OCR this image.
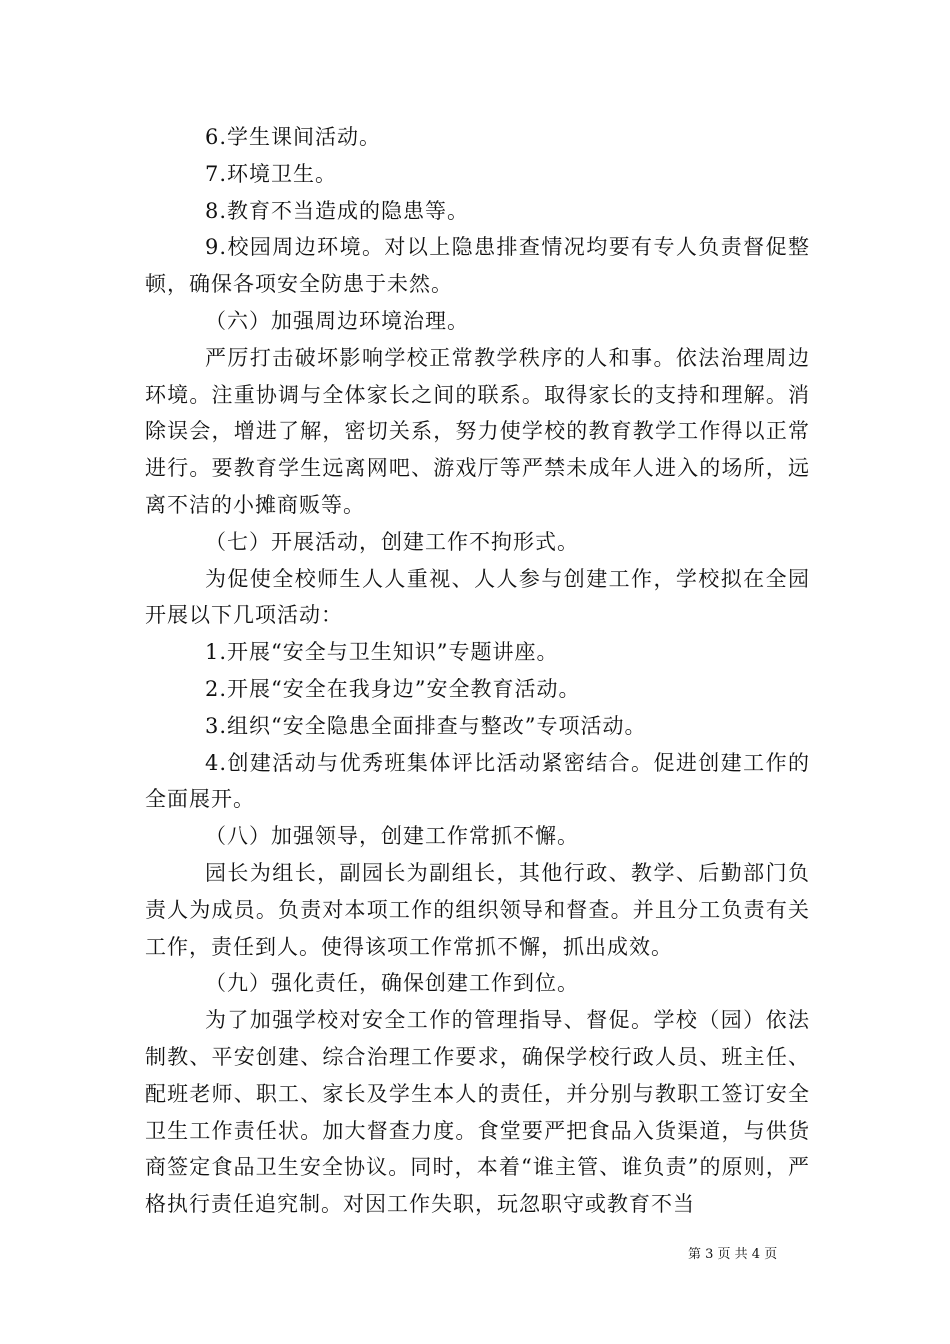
6.学生课间活动。

7.环境卫生。

8.教育不当造成的隐患等。

9.校园周边环境。对以上隐患排查情况均要有专人负责督促整顿，确保各项安全防患于未然。

（六）加强周边环境治理。

严厉打击破坏影响学校正常教学秩序的人和事。依法治理周边环境。注重协调与全体家长之间的联系。取得家长的支持和理解。消除误会，增进了解，密切关系，努力使学校的教育教学工作得以正常进行。要教育学生远离网吧、游戏厅等严禁未成年人进入的场所，远离不洁的小摊商贩等。

（七）开展活动，创建工作不拘形式。

为促使全校师生人人重视、人人参与创建工作，学校拟在全园开展以下几项活动：

1.开展“安全与卫生知识”专题讲座。

2.开展“安全在我身边”安全教育活动。

3.组织“安全隐患全面排查与整改”专项活动。

4.创建活动与优秀班集体评比活动紧密结合。促进创建工作的全面展开。

（八）加强领导，创建工作常抓不懈。

园长为组长，副园长为副组长，其他行政、教学、后勤部门负责人为成员。负责对本项工作的组织领导和督查。并且分工负责有关工作，责任到人。使得该项工作常抓不懈，抓出成效。

（九）强化责任，确保创建工作到位。

为了加强学校对安全工作的管理指导、督促。学校（园）依法制教、平安创建、综合治理工作要求，确保学校行政人员、班主任、配班老师、职工、家长及学生本人的责任，并分别与教职工签订安全卫生工作责任状。加大督查力度。食堂要严把食品入货渠道，与供货商签定食品卫生安全协议。同时，本着“谁主管、谁负责”的原则，严格执行责任追究制。对因工作失职，玩忽职守或教育不当

第 3 页 共 4 页
